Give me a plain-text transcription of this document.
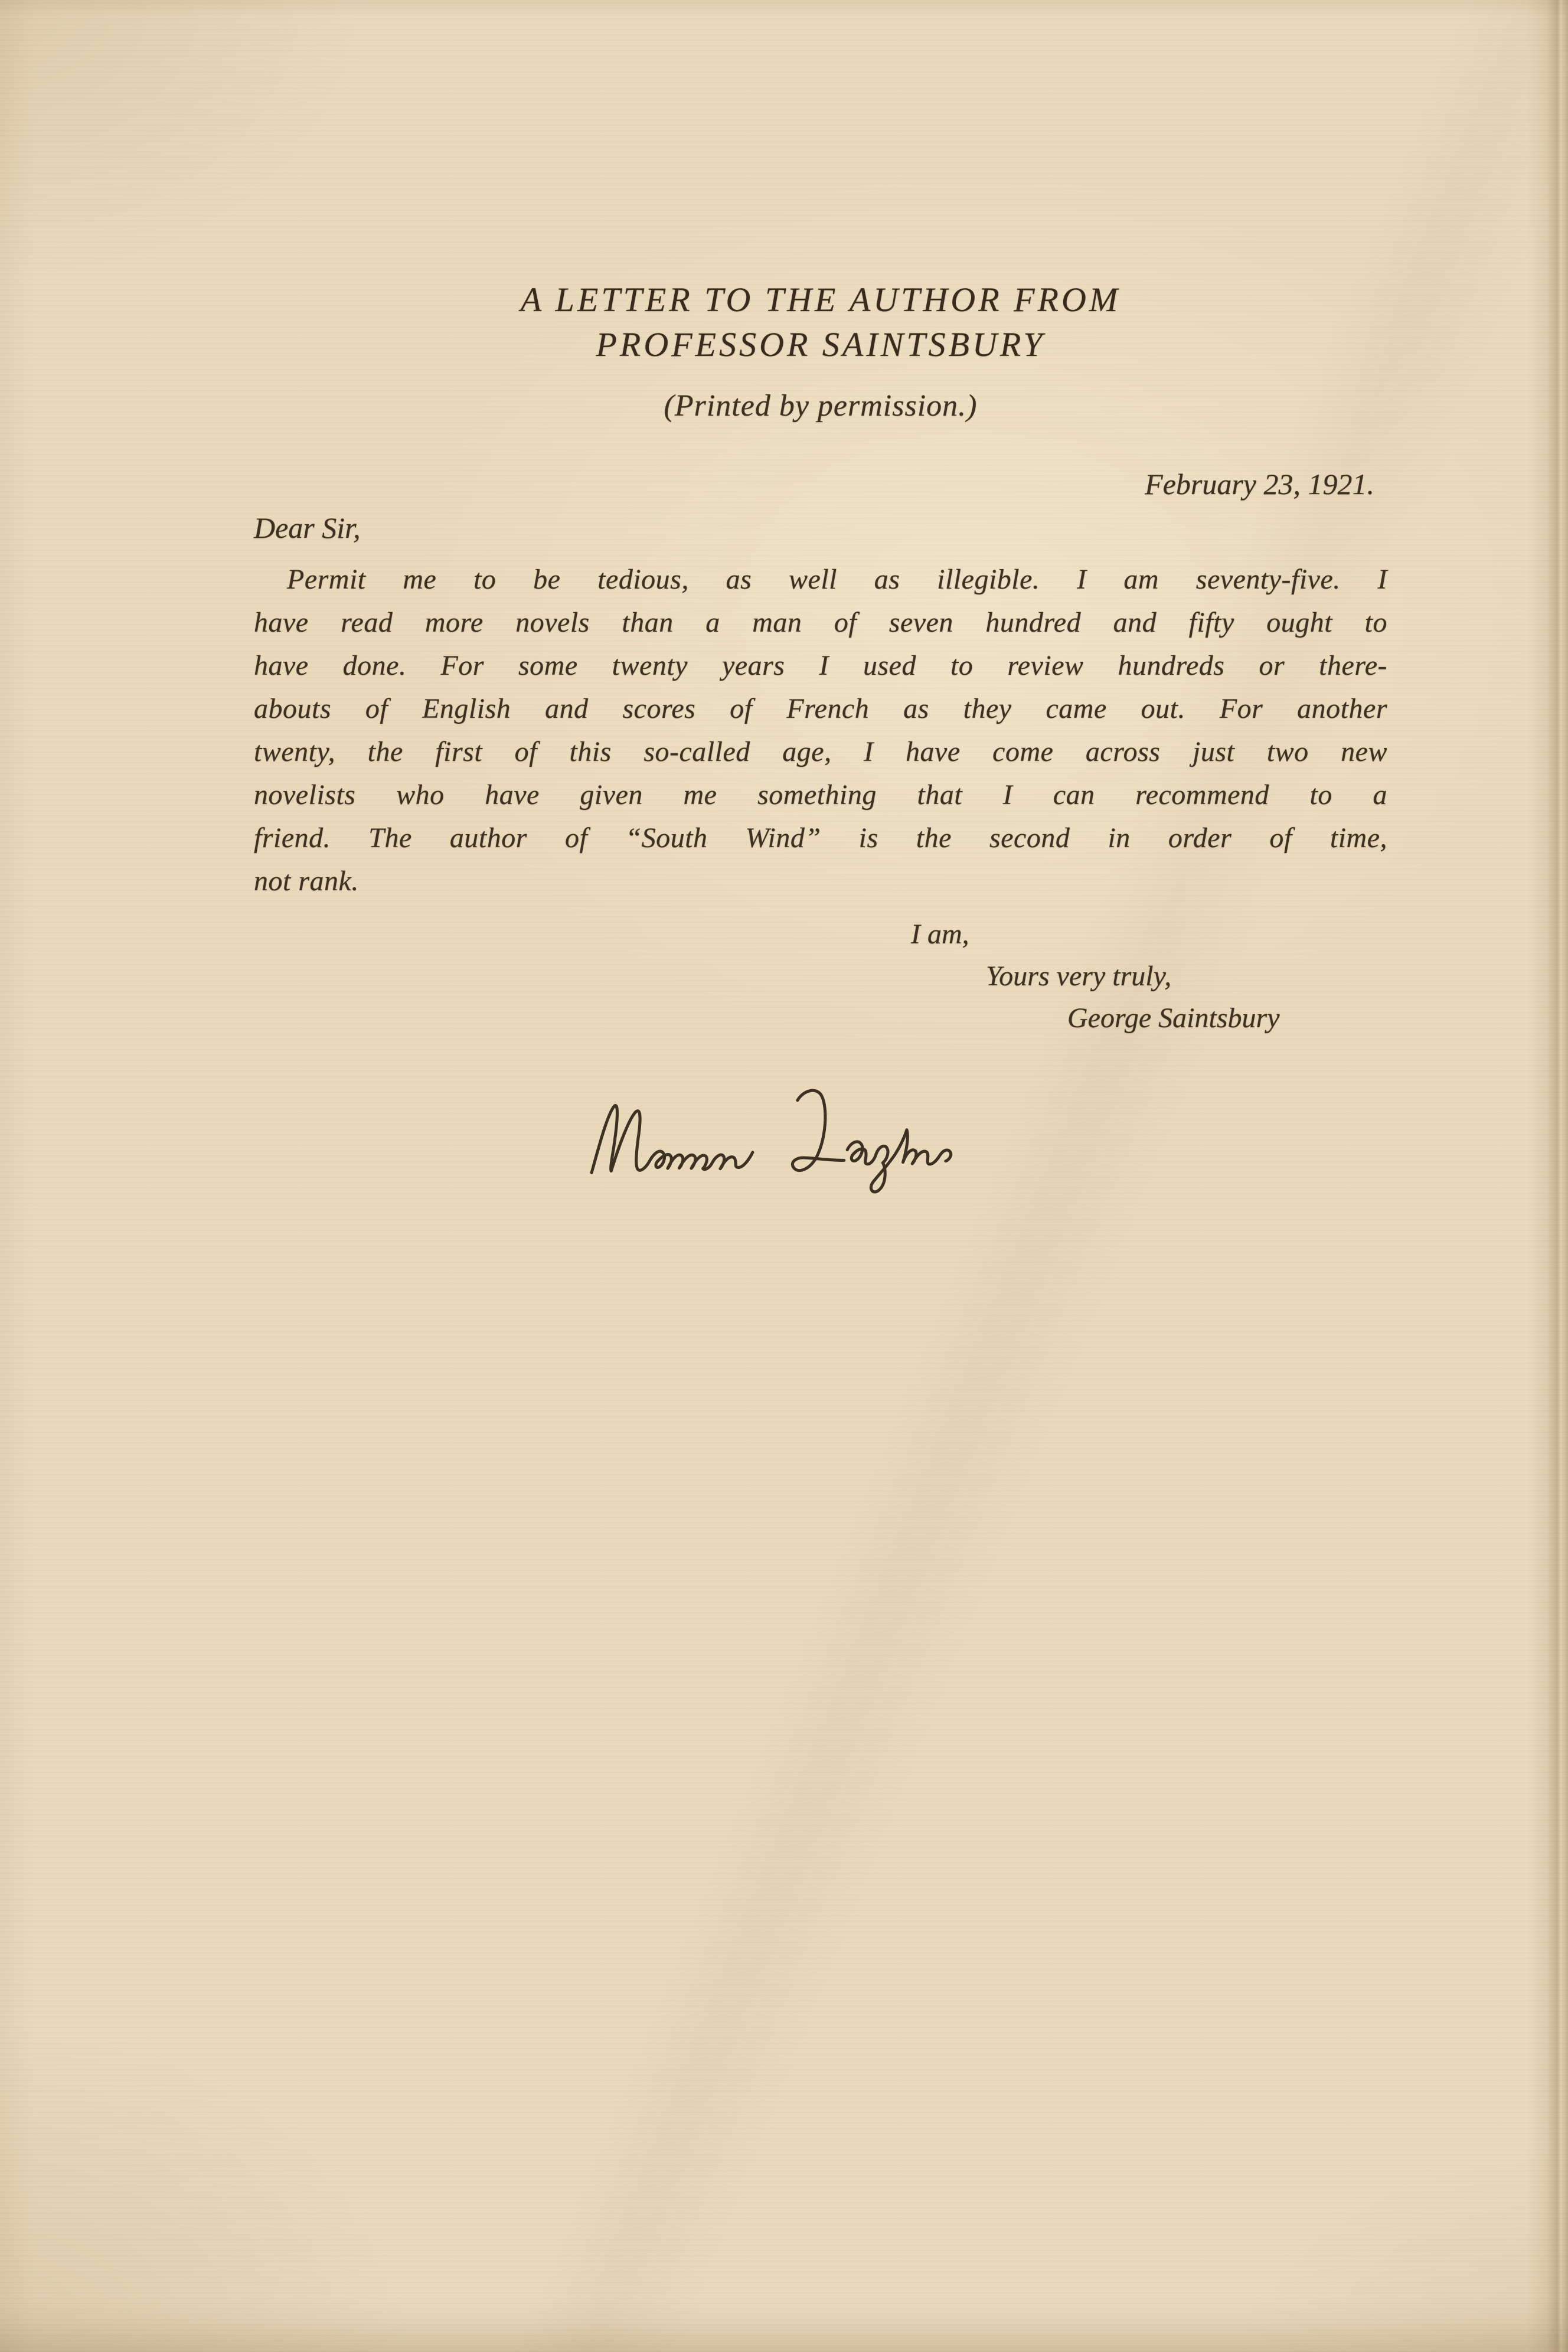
A LETTER TO THE AUTHOR FROM
PROFESSOR SAINTSBURY
(Printed by permission.)
February 23, 1921.
Dear Sir,
Permit me to be tedious, as well as illegible. I am seventy-five. I
have read more novels than a man of seven hundred and fifty ought to
have done. For some twenty years I used to review hundreds or there-
abouts of English and scores of French as they came out. For another
twenty, the first of this so-called age, I have come across just two new
novelists who have given me something that I can recommend to a
friend. The author of “South Wind” is the second in order of time,
not rank.
I am,
Yours very truly,
George Saintsbury
